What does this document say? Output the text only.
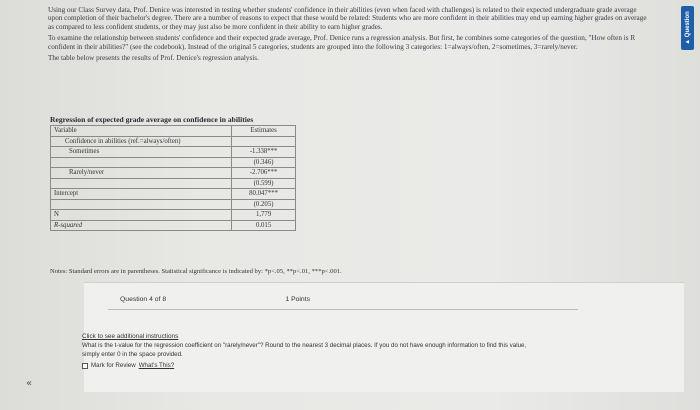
Using our Class Survey data, Prof. Denice was interested in testing whether students' confidence in their abilities (even when faced with challenges) is related to their expected undergraduate grade average upon completion of their bachelor's degree. There are a number of reasons to expect that these would be related: Students who are more confident in their abilities may end up earning higher grades on average as compared to less confident students, or they may just also be more confident in their ability to earn higher grades.

To examine the relationship between students' confidence and their expected grade average, Prof. Denice runs a regression analysis. But first, he combines some categories of the question, "How often is R confident in their abilities?" (see the codebook). Instead of the original 5 categories, students are grouped into the following 3 categories: 1=always/often, 2=sometimes, 3=rarely/never.

The table below presents the results of Prof. Denice's regression analysis.

▲ Question
Regression of expected grade average on confidence in abilities
Variable	Estimates
Confidence in abilities (ref.=always/often)	
Sometimes	-1.338***
	(0.346)
Rarely/never	-2.706***
	(0.599)
Intercept	80.047***
	(0.205)
N	1,779
R-squared	0.015
Notes: Standard errors are in parentheses. Statistical significance is indicated by: *p<.05, **p<.01, ***p<.001.
Question 4 of 8	1 Points
Click to see additional instructions
What is the t-value for the regression coefficient on "rarely/never"? Round to the nearest 3 decimal places. If you do not have enough information to find this value,
simply enter 0 in the space provided.
Mark for Review What's This?
«
